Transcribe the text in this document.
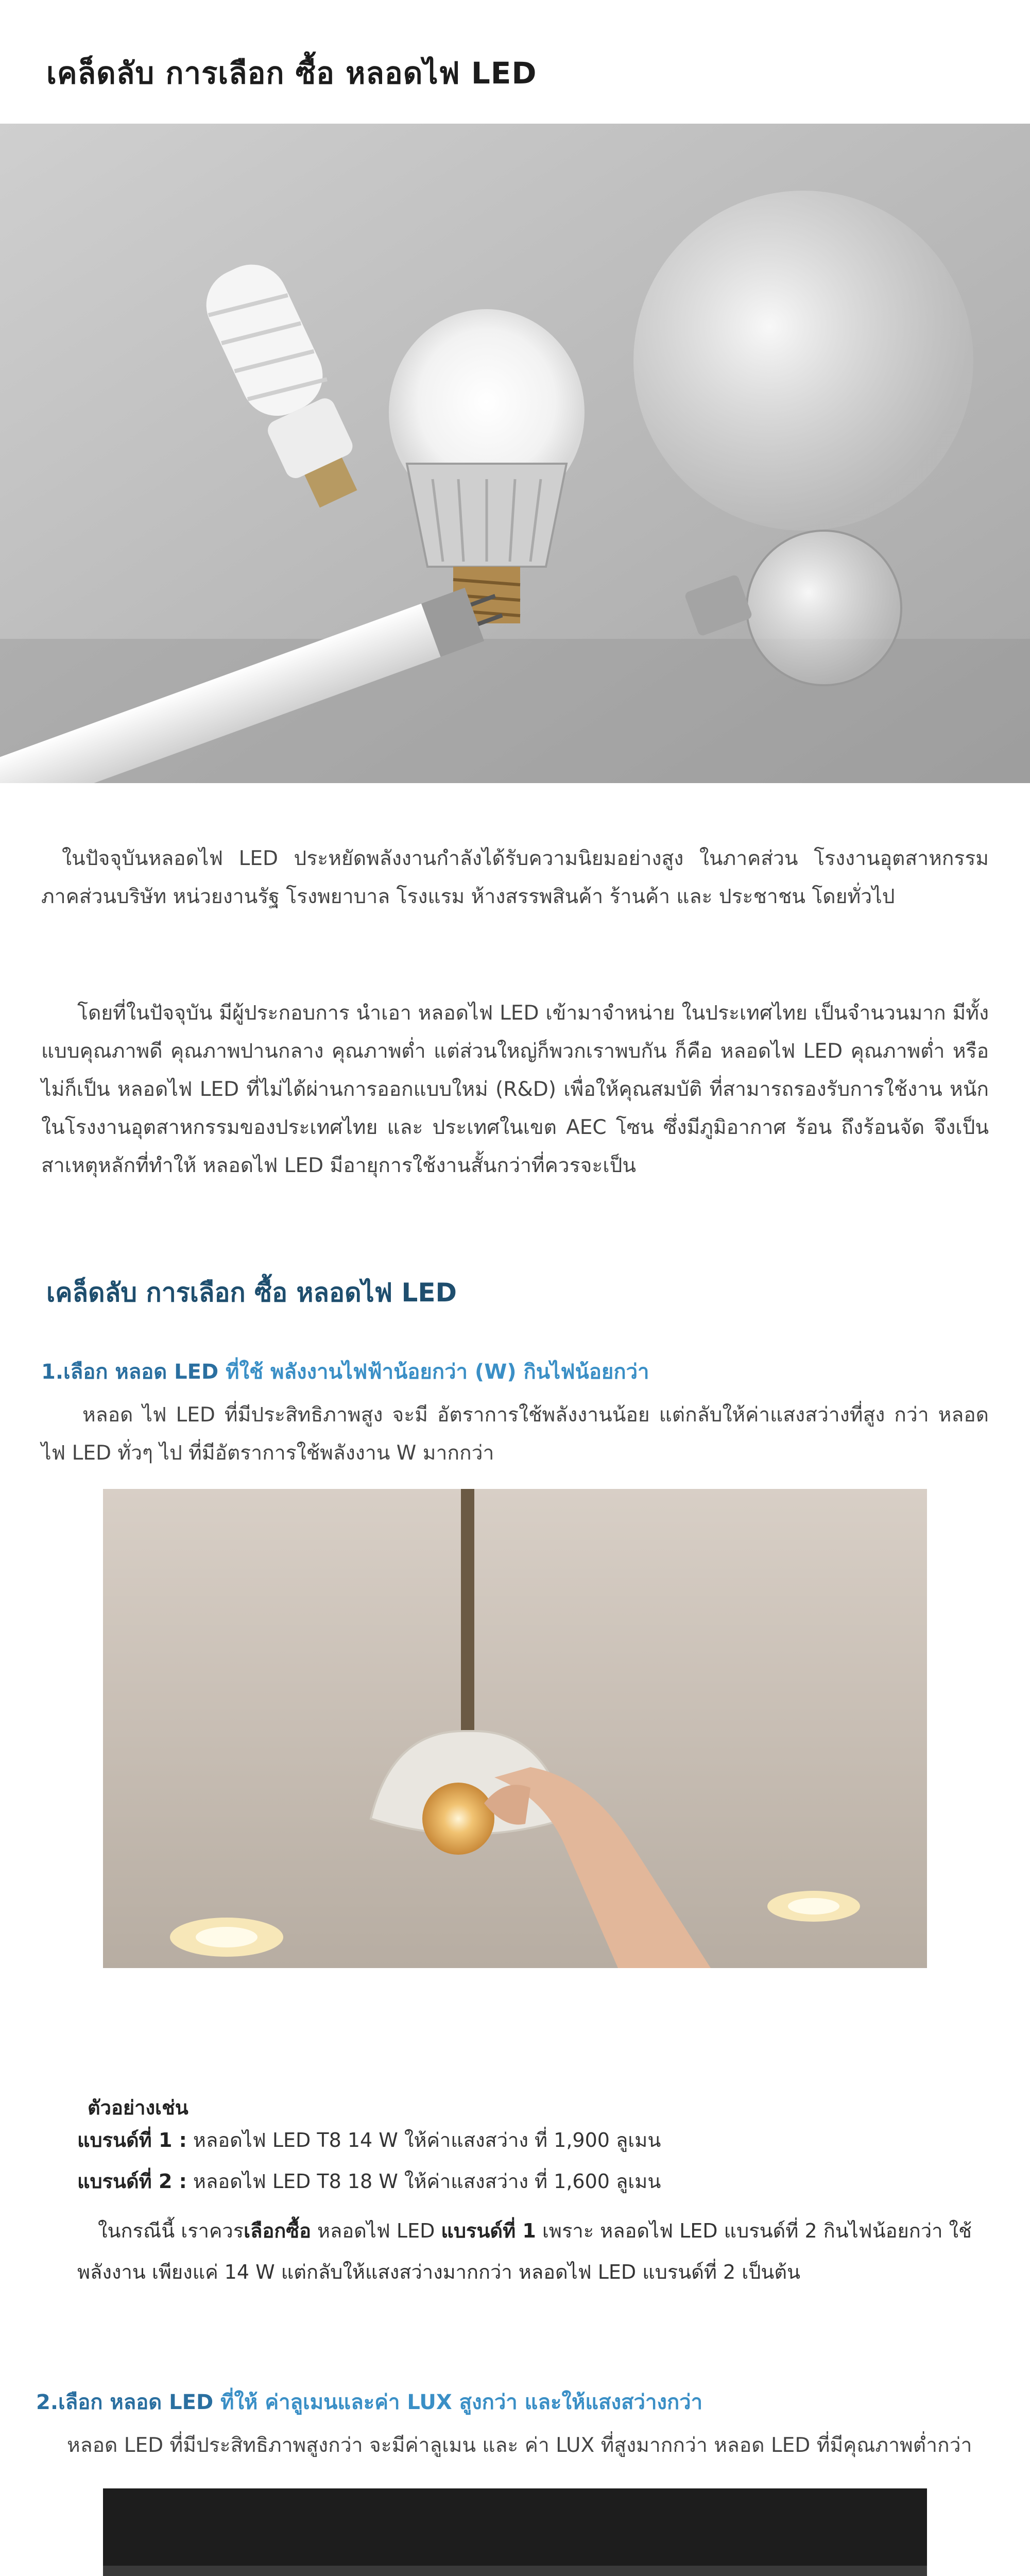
เคล็ดลับ การเลือก ซื้อ หลอดไฟ LED
ในปัจจุบันหลอดไฟ LED ประหยัดพลังงานกำลังได้รับความนิยมอย่างสูง ในภาคส่วน โรงงานอุตสาหกรรม ภาคส่วนบริษัท หน่วยงานรัฐ โรงพยาบาล โรงแรม ห้างสรรพสินค้า ร้านค้า และ ประชาชน โดยทั่วไป
โดยที่ในปัจจุบัน มีผู้ประกอบการ นำเอา หลอดไฟ LED เข้ามาจำหน่าย ในประเทศไทย เป็นจำนวนมาก มีทั้งแบบคุณภาพดี คุณภาพปานกลาง คุณภาพต่ำ แต่ส่วนใหญ่ก็พวกเราพบกัน ก็คือ หลอดไฟ LED คุณภาพต่ำ หรือ ไม่ก็เป็น หลอดไฟ LED ที่ไม่ได้ผ่านการออกแบบใหม่ (R&D) เพื่อให้คุณสมบัติ ที่สามารถรองรับการใช้งาน หนักในโรงงานอุตสาหกรรมของประเทศไทย และ ประเทศในเขต AEC โซน ซึ่งมีภูมิอากาศ ร้อน ถึงร้อนจัด จึงเป็นสาเหตุหลักที่ทำให้ หลอดไฟ LED มีอายุการใช้งานสั้นกว่าที่ควรจะเป็น
เคล็ดลับ การเลือก ซื้อ หลอดไฟ LED
1.เลือก หลอด LED ที่ใช้ พลังงานไฟฟ้าน้อยกว่า (W) กินไฟน้อยกว่า
หลอด ไฟ LED ที่มีประสิทธิภาพสูง จะมี อัตราการใช้พลังงานน้อย แต่กลับให้ค่าแสงสว่างที่สูง กว่า หลอดไฟ LED ทั่วๆ ไป ที่มีอัตราการใช้พลังงาน W มากกว่า
ตัวอย่างเช่น
แบรนด์ที่ 1 : หลอดไฟ LED T8 14 W ให้ค่าแสงสว่าง ที่ 1,900 ลูเมน
แบรนด์ที่ 2 : หลอดไฟ LED T8 18 W ให้ค่าแสงสว่าง ที่ 1,600 ลูเมน
ในกรณีนี้ เราควรเลือกซื้อ หลอดไฟ LED แบรนด์ที่ 1 เพราะ หลอดไฟ LED แบรนด์ที่ 2 กินไฟน้อยกว่า ใช้พลังงาน เพียงแค่ 14 W แต่กลับให้แสงสว่างมากกว่า หลอดไฟ LED แบรนด์ที่ 2 เป็นต้น
2.เลือก หลอด LED ที่ให้ ค่าลูเมนและค่า LUX สูงกว่า และให้แสงสว่างกว่า
หลอด LED ที่มีประสิทธิภาพสูงกว่า จะมีค่าลูเมน และ ค่า LUX ที่สูงมากกว่า หลอด LED ที่มีคุณภาพต่ำกว่า
